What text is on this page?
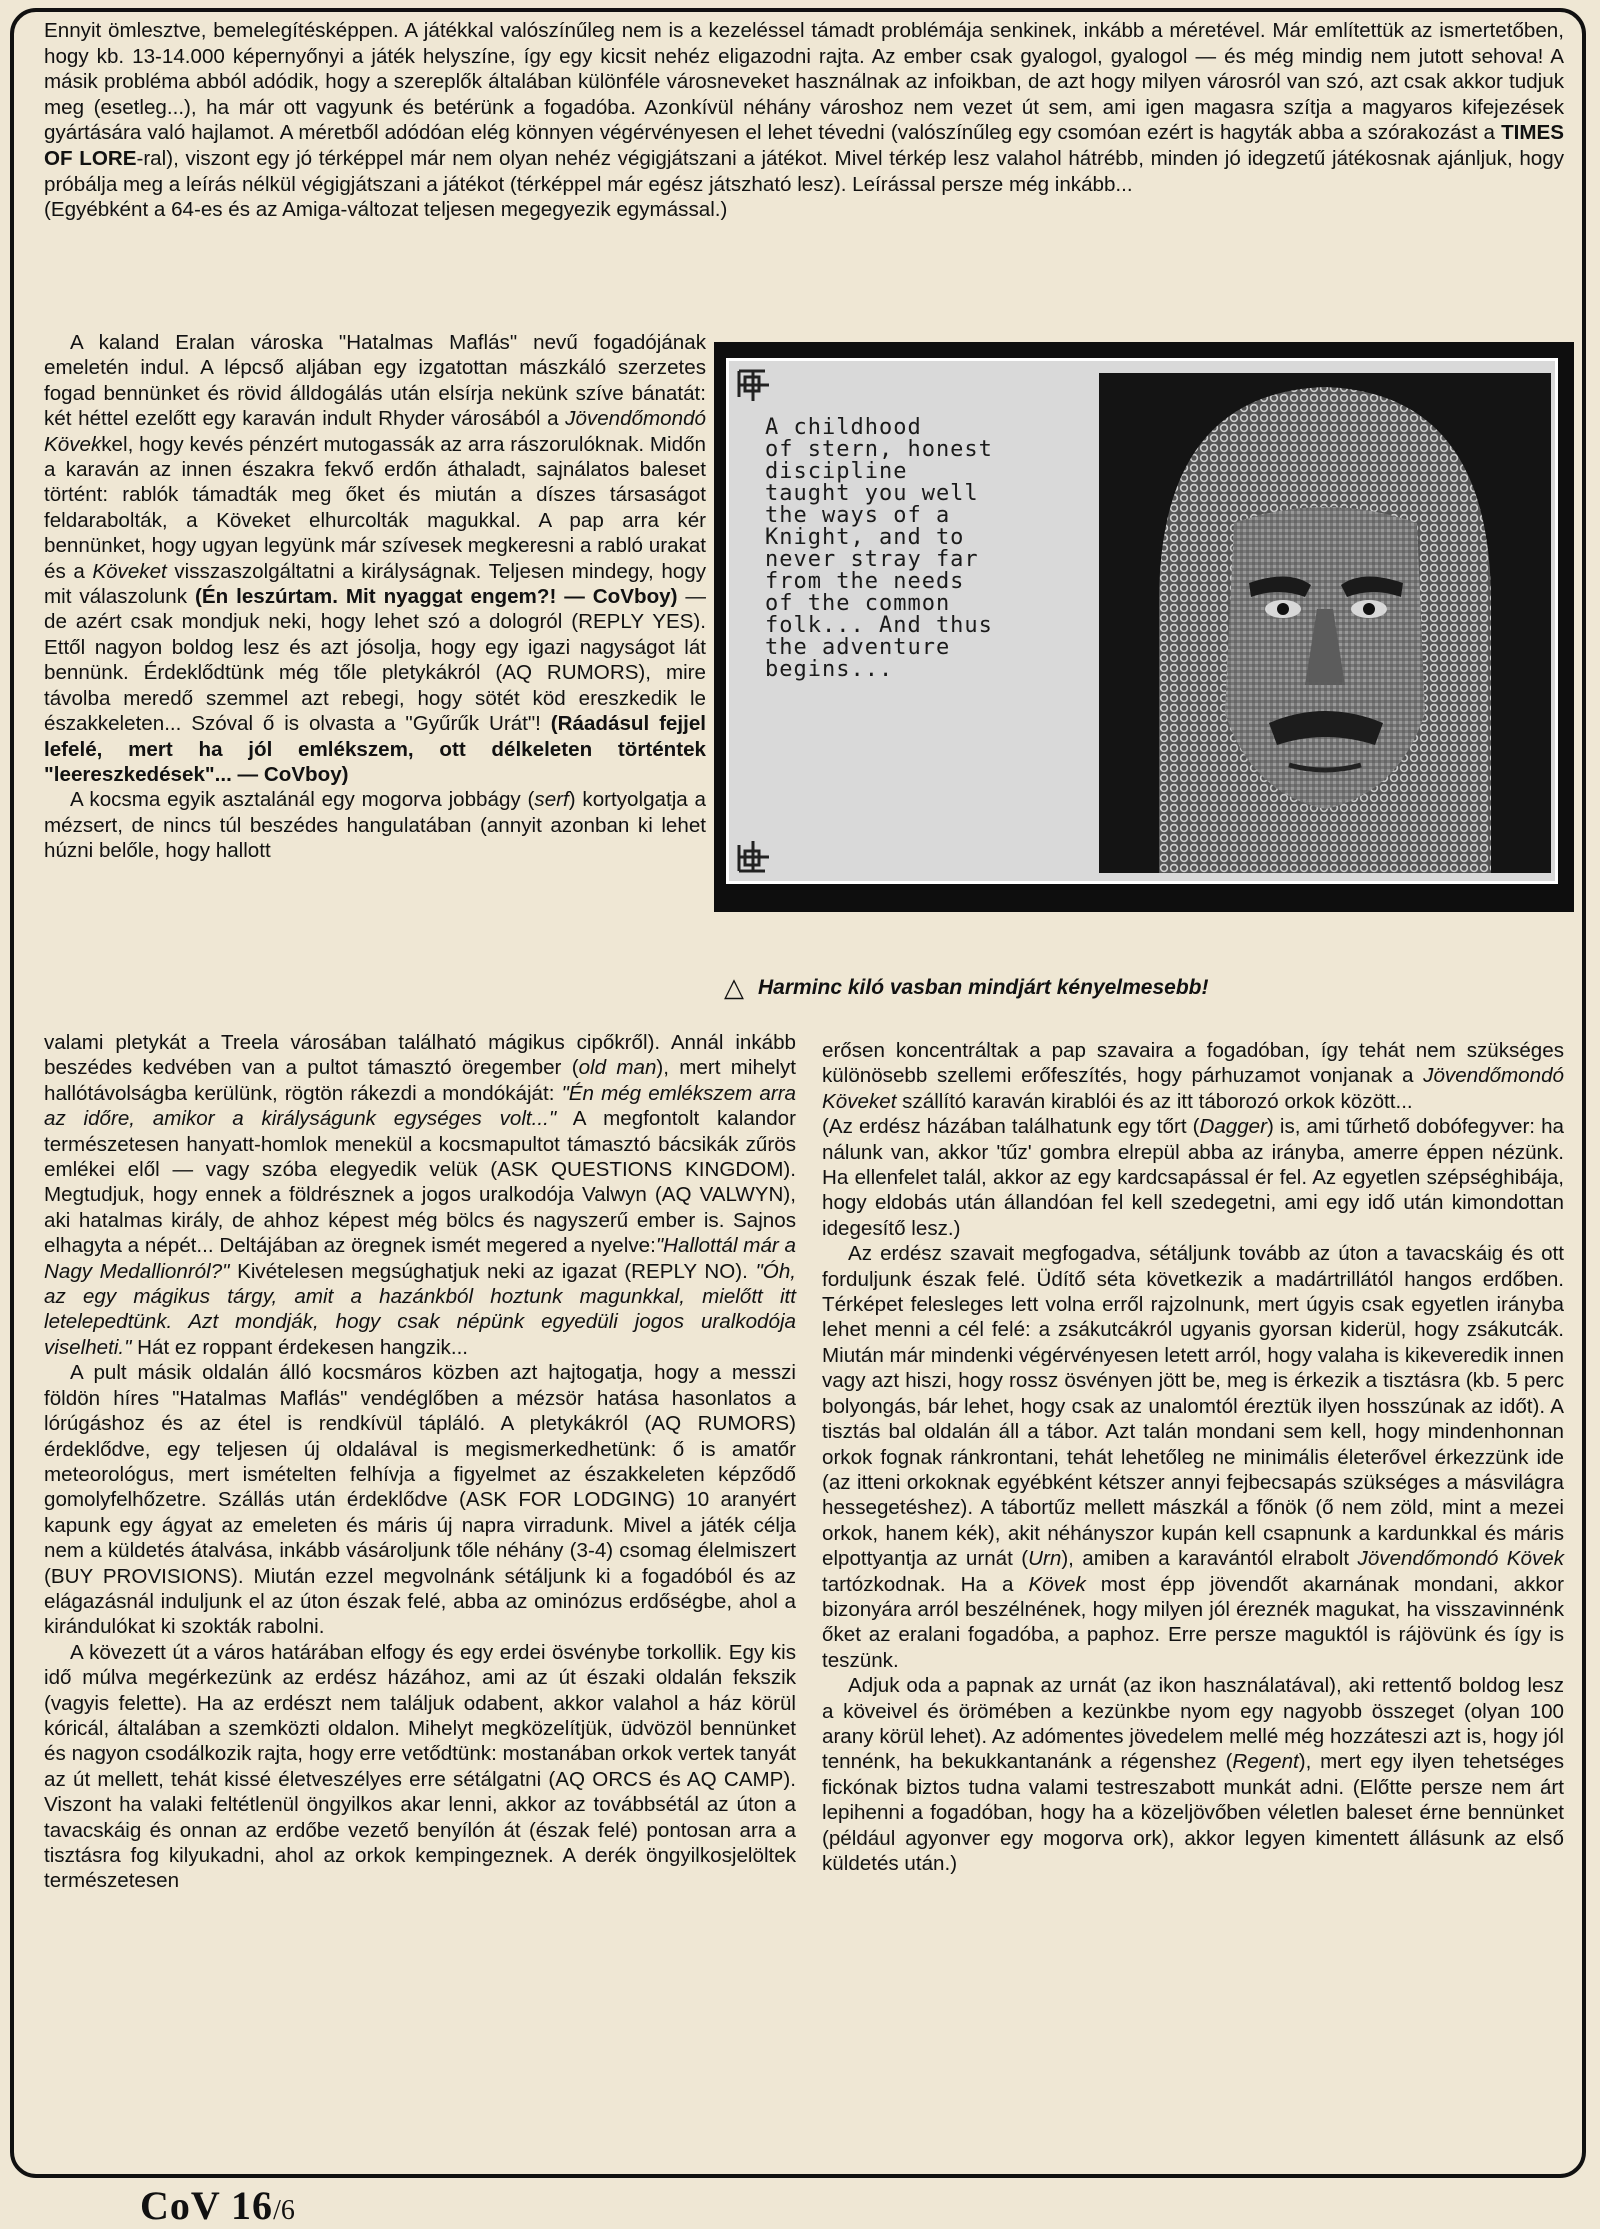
Ennyit ömlesztve, bemelegítésképpen. A játékkal valószínűleg nem is a kezeléssel támadt problémája senkinek, inkább a méretével. Már említettük az ismertetőben, hogy kb. 13-14.000 képernyőnyi a játék helyszíne, így egy kicsit nehéz eligazodni rajta. Az ember csak gyalogol, gyalogol — és még mindig nem jutott sehova! A másik probléma abból adódik, hogy a szereplők általában különféle városneveket használnak az infoikban, de azt hogy milyen városról van szó, azt csak akkor tudjuk meg (esetleg...), ha már ott vagyunk és betérünk a fogadóba. Azonkívül néhány városhoz nem vezet út sem, ami igen magasra szítja a magyaros kifejezések gyártására való hajlamot. A méretből adódóan elég könnyen végérvényesen el lehet tévedni (valószínűleg egy csomóan ezért is hagyták abba a szórakozást a TIMES OF LORE-ral), viszont egy jó térképpel már nem olyan nehéz végigjátszani a játékot. Mivel térkép lesz valahol hátrébb, minden jó idegzetű játékosnak ajánljuk, hogy próbálja meg a leírás nélkül végigjátszani a játékot (térképpel már egész játszható lesz). Leírással persze még inkább...
(Egyébként a 64-es és az Amiga-változat teljesen megegyezik egymással.)

A kaland Eralan városka "Hatalmas Maflás" nevű fogadójának emeletén indul. A lépcső aljában egy izgatottan mászkáló szerzetes fogad bennünket és rövid álldogálás után elsírja nekünk szíve bánatát: két héttel ezelőtt egy karaván indult Rhyder városából a Jövendőmondó Kövekkel, hogy kevés pénzért mutogassák az arra rászorulóknak. Midőn a karaván az innen északra fekvő erdőn áthaladt, sajnálatos baleset történt: rablók támadták meg őket és miután a díszes társaságot feldarabolták, a Köveket elhurcolták magukkal. A pap arra kér bennünket, hogy ugyan legyünk már szívesek megkeresni a rabló urakat és a Köveket visszaszolgáltatni a királyságnak. Teljesen mindegy, hogy mit válaszolunk (Én leszúrtam. Mit nyaggat engem?! — CoVboy) — de azért csak mondjuk neki, hogy lehet szó a dologról (REPLY YES). Ettől nagyon boldog lesz és azt jósolja, hogy egy igazi nagyságot lát bennünk. Érdeklődtünk még tőle pletykákról (AQ RUMORS), mire távolba meredő szemmel azt rebegi, hogy sötét köd ereszkedik le északkeleten... Szóval ő is olvasta a "Gyűrűk Urát"! (Ráadásul fejjel lefelé, mert ha jól emlékszem, ott délkeleten történtek "leereszkedések"... — CoVboy)

A kocsma egyik asztalánál egy mogorva jobbágy (serf) kortyolgatja a mézsert, de nincs túl beszédes hangulatában (annyit azonban ki lehet húzni belőle, hogy hallott

valami pletykát a Treela városában található mágikus cipőkről). Annál inkább beszédes kedvében van a pultot támasztó öregember (old man), mert mihelyt hallótávolságba kerülünk, rögtön rákezdi a mondókáját: "Én még emlékszem arra az időre, amikor a királyságunk egységes volt..." A megfontolt kalandor természetesen hanyatt-homlok menekül a kocsmapultot támasztó bácsikák zűrös emlékei elől — vagy szóba elegyedik velük (ASK QUESTIONS KINGDOM). Megtudjuk, hogy ennek a földrésznek a jogos uralkodója Valwyn (AQ VALWYN), aki hatalmas király, de ahhoz képest még bölcs és nagyszerű ember is. Sajnos elhagyta a népét... Deltájában az öregnek ismét megered a nyelve:"Hallottál már a Nagy Medallionról?" Kivételesen megsúghatjuk neki az igazat (REPLY NO). "Óh, az egy mágikus tárgy, amit a hazánkból hoztunk magunkkal, mielőtt itt letelepedtünk. Azt mondják, hogy csak népünk egyedüli jogos uralkodója viselheti." Hát ez roppant érdekesen hangzik...

A pult másik oldalán álló kocsmáros közben azt hajtogatja, hogy a messzi földön híres "Hatalmas Maflás" vendéglőben a mézsör hatása hasonlatos a lórúgáshoz és az étel is rendkívül tápláló. A pletykákról (AQ RUMORS) érdeklődve, egy teljesen új oldalával is megismerkedhetünk: ő is amatőr meteorológus, mert ismételten felhívja a figyelmet az északkeleten képződő gomolyfelhőzetre. Szállás után érdeklődve (ASK FOR LODGING) 10 aranyért kapunk egy ágyat az emeleten és máris új napra virradunk. Mivel a játék célja nem a küldetés átalvása, inkább vásároljunk tőle néhány (3-4) csomag élelmiszert (BUY PROVISIONS). Miután ezzel megvolnánk sétáljunk ki a fogadóból és az elágazásnál induljunk el az úton észak felé, abba az ominózus erdőségbe, ahol a kirándulókat ki szokták rabolni.

A kövezett út a város határában elfogy és egy erdei ösvénybe torkollik. Egy kis idő múlva megérkezünk az erdész házához, ami az út északi oldalán fekszik (vagyis felette). Ha az erdészt nem találjuk odabent, akkor valahol a ház körül kóricál, általában a szemközti oldalon. Mihelyt megközelítjük, üdvözöl bennünket és nagyon csodálkozik rajta, hogy erre vetődtünk: mostanában orkok vertek tanyát az út mellett, tehát kissé életveszélyes erre sétálgatni (AQ ORCS és AQ CAMP). Viszont ha valaki feltétlenül öngyilkos akar lenni, akkor az továbbsétál az úton a tavacskáig és onnan az erdőbe vezető benyílón át (észak felé) pontosan arra a tisztásra fog kilyukadni, ahol az orkok kempingeznek. A derék öngyilkosjelöltek természetesen

A childhood
of stern, honest
discipline
taught you well
the ways of a
Knight, and to
never stray far
from the needs
of the common
folk... And thus
the adventure
begins...
△ Harminc kiló vasban mindjárt kényelmesebb!

erősen koncentráltak a pap szavaira a fogadóban, így tehát nem szükséges különösebb szellemi erőfeszítés, hogy párhuzamot vonjanak a Jövendőmondó Köveket szállító karaván kirablói és az itt táborozó orkok között...

(Az erdész házában találhatunk egy tőrt (Dagger) is, ami tűrhető dobófegyver: ha nálunk van, akkor 'tűz' gombra elrepül abba az irányba, amerre éppen nézünk. Ha ellenfelet talál, akkor az egy kardcsapással ér fel. Az egyetlen szépséghibája, hogy eldobás után állandóan fel kell szedegetni, ami egy idő után kimondottan idegesítő lesz.)

Az erdész szavait megfogadva, sétáljunk tovább az úton a tavacskáig és ott forduljunk észak felé. Üdítő séta következik a madártrillától hangos erdőben. Térképet felesleges lett volna erről rajzolnunk, mert úgyis csak egyetlen irányba lehet menni a cél felé: a zsákutcákról ugyanis gyorsan kiderül, hogy zsákutcák. Miután már mindenki végérvényesen letett arról, hogy valaha is kikeveredik innen vagy azt hiszi, hogy rossz ösvényen jött be, meg is érkezik a tisztásra (kb. 5 perc bolyongás, bár lehet, hogy csak az unalomtól éreztük ilyen hosszúnak az időt). A tisztás bal oldalán áll a tábor. Azt talán mondani sem kell, hogy mindenhonnan orkok fognak ránkrontani, tehát lehetőleg ne minimális életerővel érkezzünk ide (az itteni orkoknak egyébként kétszer annyi fejbecsapás szükséges a másvilágra hessegetéshez). A tábortűz mellett mászkál a főnök (ő nem zöld, mint a mezei orkok, hanem kék), akit néhányszor kupán kell csapnunk a kardunkkal és máris elpottyantja az urnát (Urn), amiben a karavántól elrabolt Jövendőmondó Kövek tartózkodnak. Ha a Kövek most épp jövendőt akarnának mondani, akkor bizonyára arról beszélnének, hogy milyen jól éreznék magukat, ha visszavinnénk őket az eralani fogadóba, a paphoz. Erre persze maguktól is rájövünk és így is teszünk.

Adjuk oda a papnak az urnát (az ikon használatával), aki rettentő boldog lesz a köveivel és örömében a kezünkbe nyom egy nagyobb összeget (olyan 100 arany körül lehet). Az adómentes jövedelem mellé még hozzáteszi azt is, hogy jól tennénk, ha bekukkantanánk a régenshez (Regent), mert egy ilyen tehetséges fickónak biztos tudna valami testreszabott munkát adni. (Előtte persze nem árt lepihenni a fogadóban, hogy ha a közeljövőben véletlen baleset érne bennünket (például agyonver egy mogorva ork), akkor legyen kimentett állásunk az első küldetés után.)

CoV 16/6
